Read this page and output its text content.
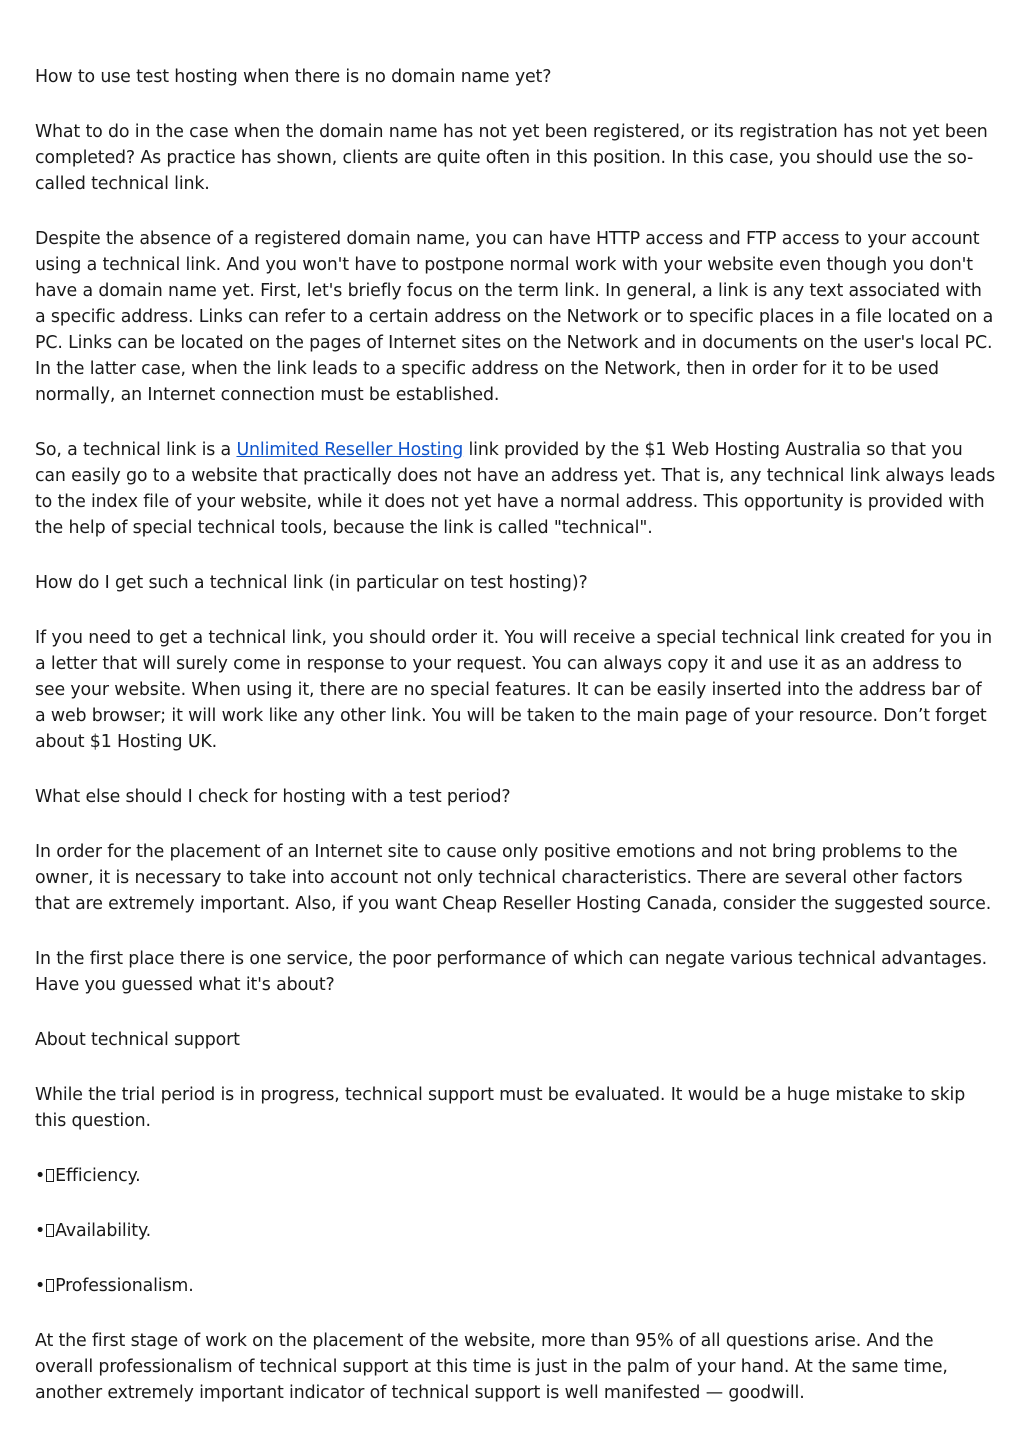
How to use test hosting when there is no domain name yet?

What to do in the case when the domain name has not yet been registered, or its registration has not yet been completed? As practice has shown, clients are quite often in this position. In this case, you should use the so-called technical link.

Despite the absence of a registered domain name, you can have HTTP access and FTP access to your account using a technical link. And you won't have to postpone normal work with your website even though you don't have a domain name yet. First, let's briefly focus on the term link. In general, a link is any text associated with a specific address. Links can refer to a certain address on the Network or to specific places in a file located on a PC. Links can be located on the pages of Internet sites on the Network and in documents on the user's local PC. In the latter case, when the link leads to a specific address on the Network, then in order for it to be used normally, an Internet connection must be established.

So, a technical link is a Unlimited Reseller Hosting link provided by the $1 Web Hosting Australia so that you can easily go to a website that practically does not have an address yet. That is, any technical link always leads to the index file of your website, while it does not yet have a normal address. This opportunity is provided with the help of special technical tools, because the link is called "technical".

How do I get such a technical link (in particular on test hosting)?

If you need to get a technical link, you should order it. You will receive a special technical link created for you in a letter that will surely come in response to your request. You can always copy it and use it as an address to see your website. When using it, there are no special features. It can be easily inserted into the address bar of a web browser; it will work like any other link. You will be taken to the main page of your resource. Don’t forget about $1 Hosting UK.

What else should I check for hosting with a test period?

In order for the placement of an Internet site to cause only positive emotions and not bring problems to the owner, it is necessary to take into account not only technical characteristics. There are several other factors that are extremely important. Also, if you want Cheap Reseller Hosting Canada, consider the suggested source.

In the first place there is one service, the poor performance of which can negate various technical advantages. Have you guessed what it's about?

About technical support

While the trial period is in progress, technical support must be evaluated. It would be a huge mistake to skip this question.

• Efficiency.

• Availability.

• Professionalism.

At the first stage of work on the placement of the website, more than 95% of all questions arise. And the overall professionalism of technical support at this time is just in the palm of your hand. At the same time, another extremely important indicator of technical support is well manifested — goodwill.
